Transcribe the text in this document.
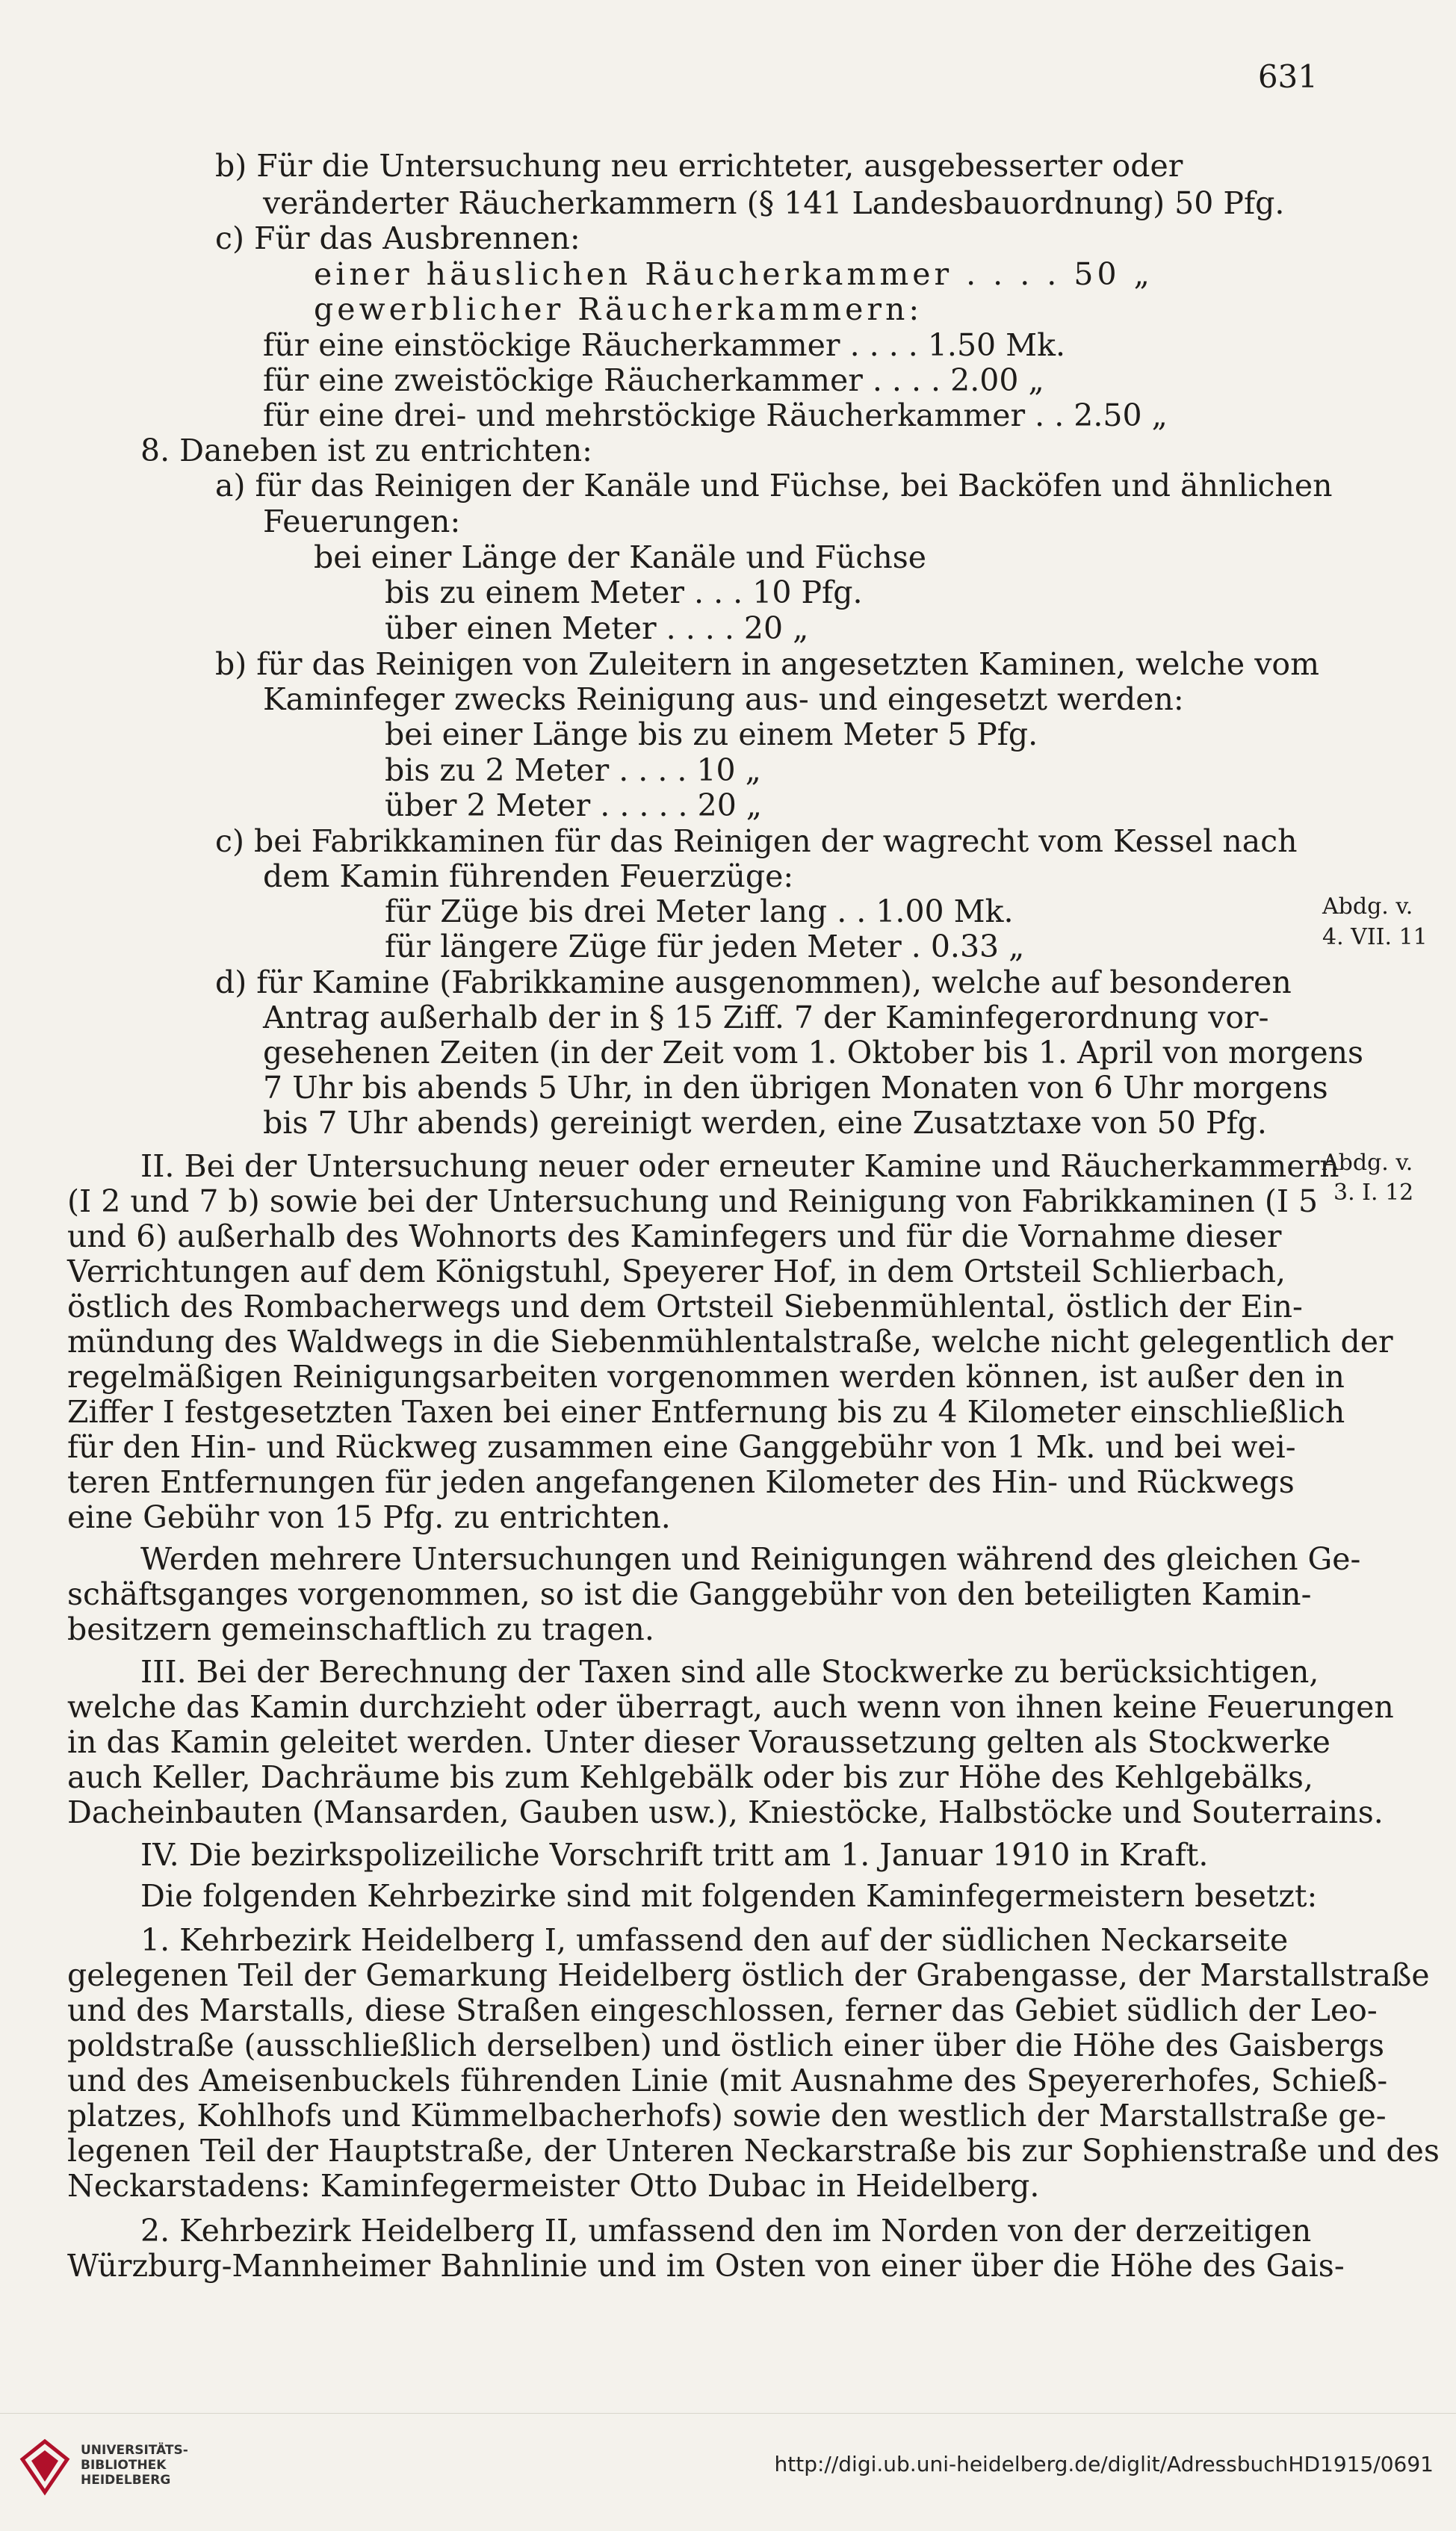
631
b) Für die Untersuchung neu errichteter, ausgebesserter oder
veränderter Räucherkammern (§ 141 Landesbauordnung) 50 Pfg.
c) Für das Ausbrennen:
einer häuslichen Räucherkammer . . . . 50 „
gewerblicher Räucherkammern:
für eine einstöckige Räucherkammer . . . . 1.50 Mk.
für eine zweistöckige Räucherkammer . . . . 2.00 „
für eine drei- und mehrstöckige Räucherkammer . . 2.50 „
8. Daneben ist zu entrichten:
a) für das Reinigen der Kanäle und Füchse, bei Backöfen und ähnlichen
Feuerungen:
bei einer Länge der Kanäle und Füchse
bis zu einem Meter . . . 10 Pfg.
über einen Meter . . . . 20 „
b) für das Reinigen von Zuleitern in angesetzten Kaminen, welche vom
Kaminfeger zwecks Reinigung aus- und eingesetzt werden:
bei einer Länge bis zu einem Meter 5 Pfg.
bis zu 2 Meter . . . . 10 „
über 2 Meter . . . . . 20 „
c) bei Fabrikkaminen für das Reinigen der wagrecht vom Kessel nach
dem Kamin führenden Feuerzüge:
für Züge bis drei Meter lang . . 1.00 Mk.
für längere Züge für jeden Meter . 0.33 „
d) für Kamine (Fabrikkamine ausgenommen), welche auf besonderen
Antrag außerhalb der in § 15 Ziff. 7 der Kaminfegerordnung vor-
gesehenen Zeiten (in der Zeit vom 1. Oktober bis 1. April von morgens
7 Uhr bis abends 5 Uhr, in den übrigen Monaten von 6 Uhr morgens
bis 7 Uhr abends) gereinigt werden, eine Zusatztaxe von 50 Pfg.
II. Bei der Untersuchung neuer oder erneuter Kamine und Räucherkammern
(I 2 und 7 b) sowie bei der Untersuchung und Reinigung von Fabrikkaminen (I 5
und 6) außerhalb des Wohnorts des Kaminfegers und für die Vornahme dieser
Verrichtungen auf dem Königstuhl, Speyerer Hof, in dem Ortsteil Schlierbach,
östlich des Rombacherwegs und dem Ortsteil Siebenmühlental, östlich der Ein-
mündung des Waldwegs in die Siebenmühlentalstraße, welche nicht gelegentlich der
regelmäßigen Reinigungsarbeiten vorgenommen werden können, ist außer den in
Ziffer I festgesetzten Taxen bei einer Entfernung bis zu 4 Kilometer einschließlich
für den Hin- und Rückweg zusammen eine Ganggebühr von 1 Mk. und bei wei-
teren Entfernungen für jeden angefangenen Kilometer des Hin- und Rückwegs
eine Gebühr von 15 Pfg. zu entrichten.
Werden mehrere Untersuchungen und Reinigungen während des gleichen Ge-
schäftsganges vorgenommen, so ist die Ganggebühr von den beteiligten Kamin-
besitzern gemeinschaftlich zu tragen.
III. Bei der Berechnung der Taxen sind alle Stockwerke zu berücksichtigen,
welche das Kamin durchzieht oder überragt, auch wenn von ihnen keine Feuerungen
in das Kamin geleitet werden. Unter dieser Voraussetzung gelten als Stockwerke
auch Keller, Dachräume bis zum Kehlgebälk oder bis zur Höhe des Kehlgebälks,
Dacheinbauten (Mansarden, Gauben usw.), Kniestöcke, Halbstöcke und Souterrains.
IV. Die bezirkspolizeiliche Vorschrift tritt am 1. Januar 1910 in Kraft.
Die folgenden Kehrbezirke sind mit folgenden Kaminfegermeistern besetzt:
1. Kehrbezirk Heidelberg I, umfassend den auf der südlichen Neckarseite
gelegenen Teil der Gemarkung Heidelberg östlich der Grabengasse, der Marstallstraße
und des Marstalls, diese Straßen eingeschlossen, ferner das Gebiet südlich der Leo-
poldstraße (ausschließlich derselben) und östlich einer über die Höhe des Gaisbergs
und des Ameisenbuckels führenden Linie (mit Ausnahme des Speyererhofes, Schieß-
platzes, Kohlhofs und Kümmelbacherhofs) sowie den westlich der Marstallstraße ge-
legenen Teil der Hauptstraße, der Unteren Neckarstraße bis zur Sophienstraße und des
Neckarstadens: Kaminfegermeister Otto Dubac in Heidelberg.
2. Kehrbezirk Heidelberg II, umfassend den im Norden von der derzeitigen
Würzburg-Mannheimer Bahnlinie und im Osten von einer über die Höhe des Gais-
Abdg. v.
4. VII. 11
Abdg. v.
3. I. 12
UNIVERSITÄTS-
BIBLIOTHEK
HEIDELBERG
http://digi.ub.uni-heidelberg.de/diglit/AdressbuchHD1915/0691
